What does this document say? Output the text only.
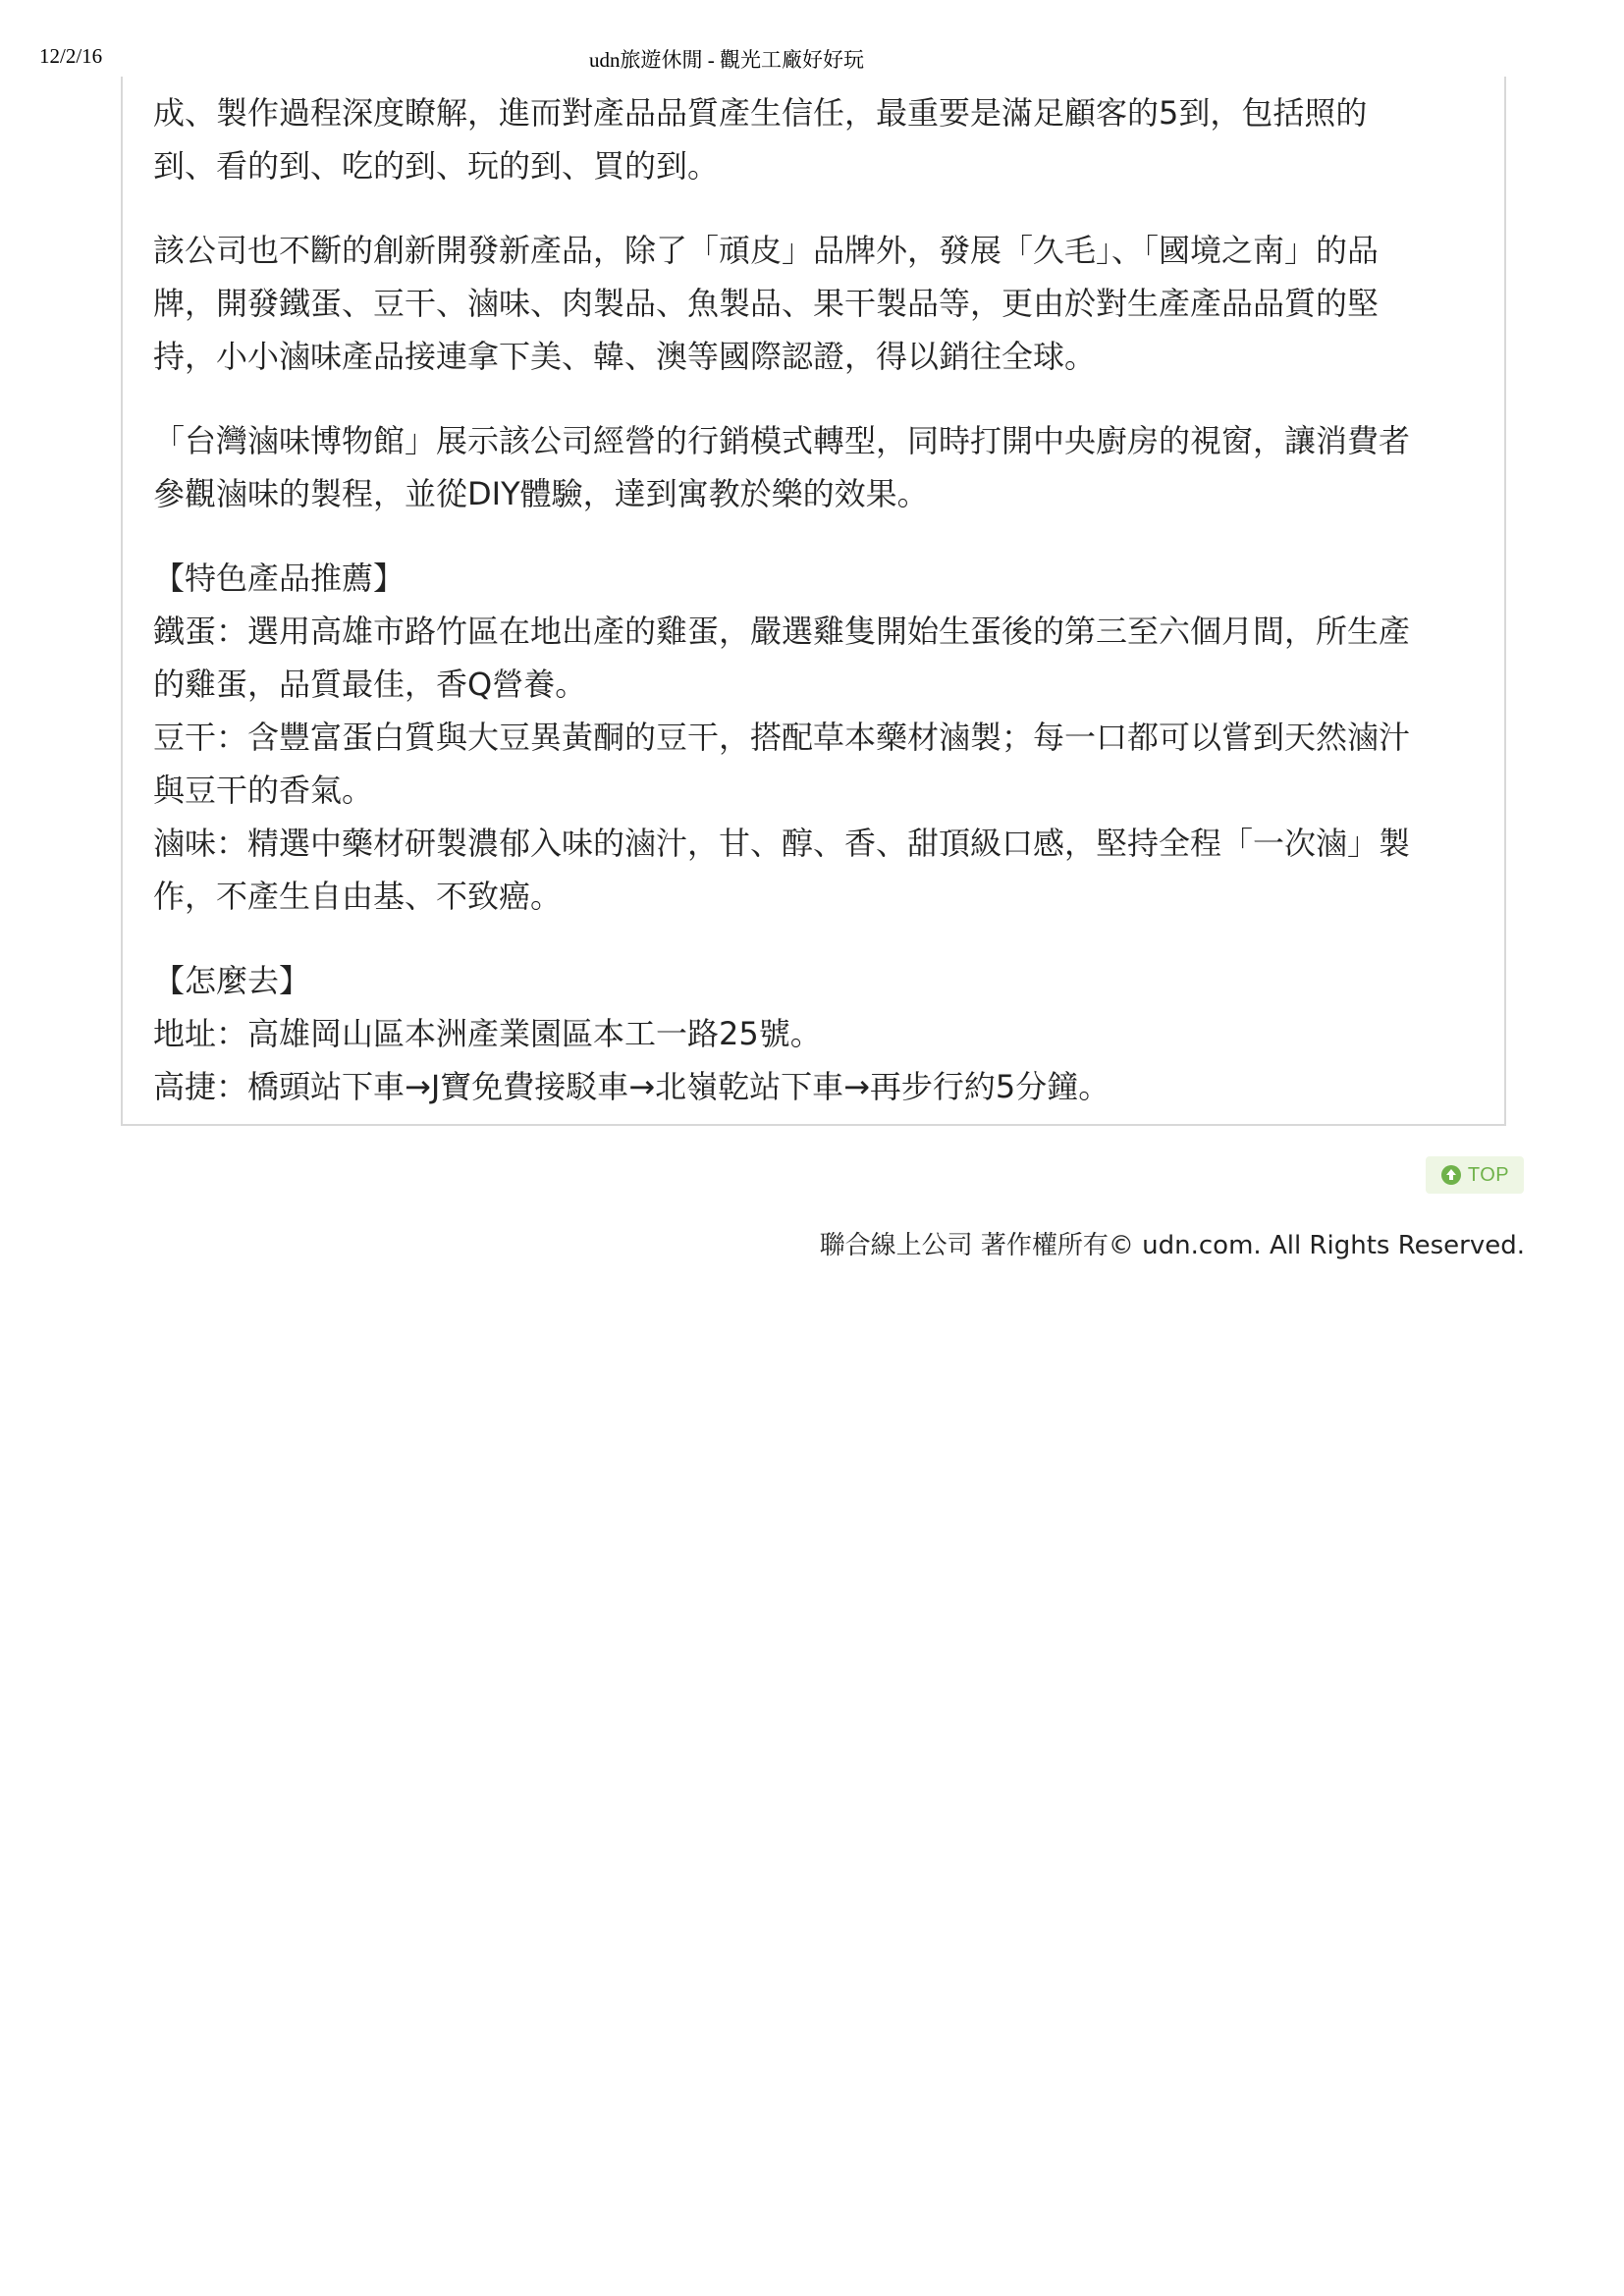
12/2/16	udn旅遊休閒 - 觀光工廠好好玩

成、製作過程深度瞭解，進而對產品品質產生信任，最重要是滿足顧客的5到，包括照的
到、看的到、吃的到、玩的到、買的到。

該公司也不斷的創新開發新產品，除了「頑皮」品牌外，發展「久毛」、「國境之南」的品
牌，開發鐵蛋、豆干、滷味、肉製品、魚製品、果干製品等，更由於對生產產品品質的堅
持，小小滷味產品接連拿下美、韓、澳等國際認證，得以銷往全球。

「台灣滷味博物館」展示該公司經營的行銷模式轉型，同時打開中央廚房的視窗，讓消費者
參觀滷味的製程，並從DIY體驗，達到寓教於樂的效果。

【特色產品推薦】
鐵蛋：選用高雄市路竹區在地出產的雞蛋，嚴選雞隻開始生蛋後的第三至六個月間，所生產
的雞蛋，品質最佳，香Q營養。
豆干：含豐富蛋白質與大豆異黃酮的豆干，搭配草本藥材滷製；每一口都可以嘗到天然滷汁
與豆干的香氣。
滷味：精選中藥材研製濃郁入味的滷汁，甘、醇、香、甜頂級口感，堅持全程「一次滷」製
作，不產生自由基、不致癌。
【怎麼去】
地址：高雄岡山區本洲產業園區本工一路25號。
高捷：橋頭站下車→J寶免費接駁車→北嶺乾站下車→再步行約5分鐘。
TOP
聯合線上公司 著作權所有© udn.com. All Rights Reserved.
